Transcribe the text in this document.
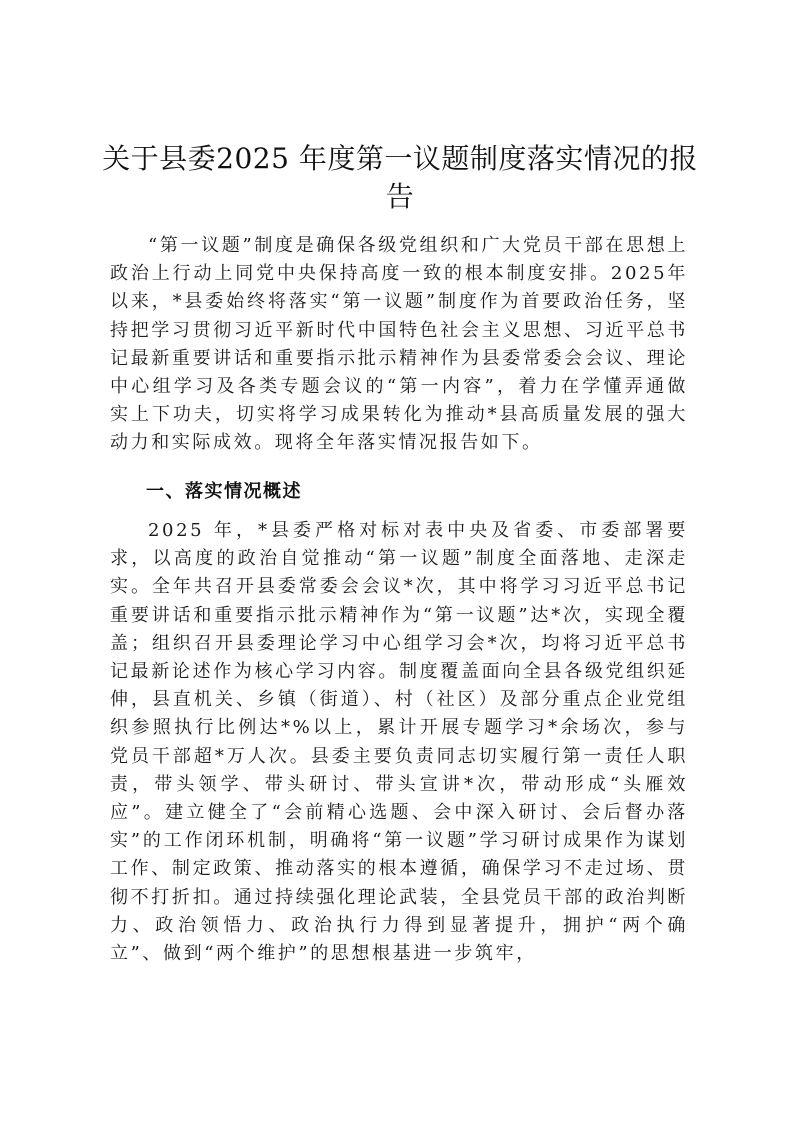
关于县委2025 年度第一议题制度落实情况的报告
“第一议题”制度是确保各级党组织和广大党员干部在思想上政治上行动上同党中央保持高度一致的根本制度安排。2025年以来，*县委始终将落实“第一议题”制度作为首要政治任务，坚持把学习贯彻习近平新时代中国特色社会主义思想、习近平总书记最新重要讲话和重要指示批示精神作为县委常委会会议、理论中心组学习及各类专题会议的“第一内容”，着力在学懂弄通做实上下功夫，切实将学习成果转化为推动*县高质量发展的强大动力和实际成效。现将全年落实情况报告如下。
一、落实情况概述
2025 年，*县委严格对标对表中央及省委、市委部署要求，以高度的政治自觉推动“第一议题”制度全面落地、走深走实。全年共召开县委常委会会议*次，其中将学习习近平总书记重要讲话和重要指示批示精神作为“第一议题”达*次，实现全覆盖；组织召开县委理论学习中心组学习会*次，均将习近平总书记最新论述作为核心学习内容。制度覆盖面向全县各级党组织延伸，县直机关、乡镇（街道）、村（社区）及部分重点企业党组织参照执行比例达*%以上，累计开展专题学习*余场次，参与党员干部超*万人次。县委主要负责同志切实履行第一责任人职责，带头领学、带头研讨、带头宣讲*次，带动形成“头雁效应”。建立健全了“会前精心选题、会中深入研讨、会后督办落实”的工作闭环机制，明确将“第一议题”学习研讨成果作为谋划工作、制定政策、推动落实的根本遵循，确保学习不走过场、贯彻不打折扣。通过持续强化理论武装，全县党员干部的政治判断力、政治领悟力、政治执行力得到显著提升，拥护“两个确立”、做到“两个维护”的思想根基进一步筑牢，
